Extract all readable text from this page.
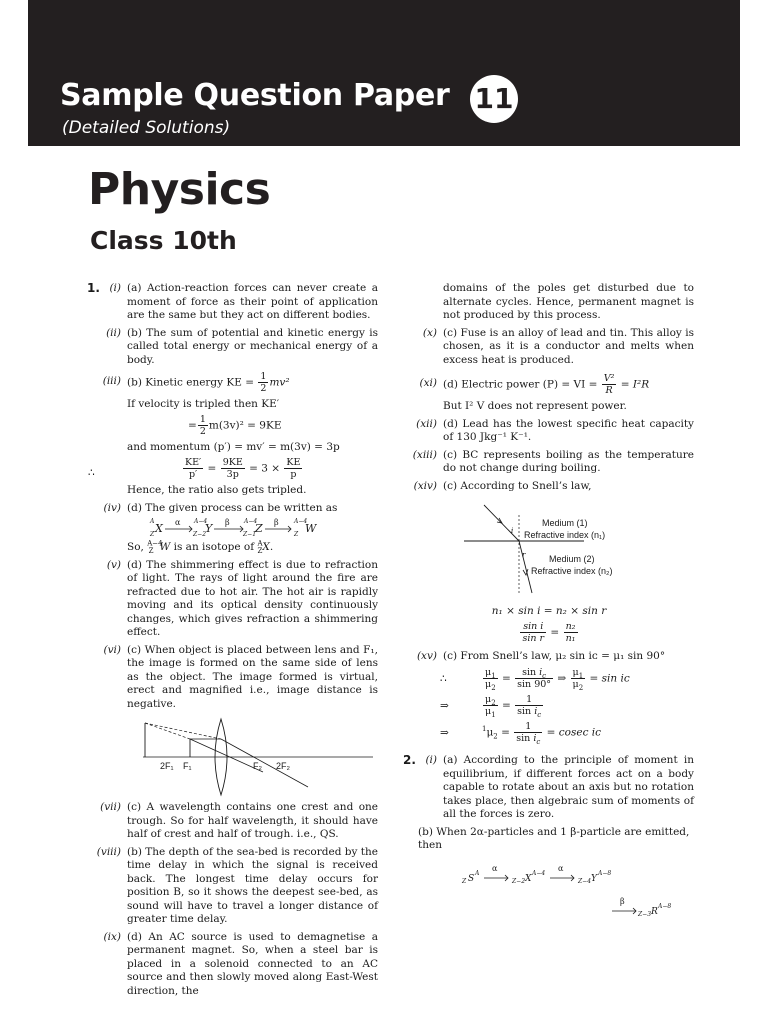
Sample Question Paper 11
(Detailed Solutions)
Physics
Class 10th
1. (i) (a) Action-reaction forces can never create a moment of force as their point of application are the same but they act on different bodies.
(ii) (b) The sum of potential and kinetic energy is called total energy or mechanical energy of a body.
(iii) (b) Kinetic energy KE = $\frac{1}{2} mv^2$
If velocity is tripled then KE′
= $\frac{1}{2} m(3v)^2 = 9KE$
and momentum (p′) = mv′ = m(3v) = 3p
∴	$\frac{KE'}{p'} = \frac{9KE}{3p} = 3 \times \frac{KE}{p}$
Hence, the ratio also gets tripled.
(iv) (d) The given process can be written as
A
Z X α A−4
Z−2
Y β A−4
Z−1
Z β	A−4
Z W
So, $^{A-4}_Z$ W is an isotope of $^A_Z$X.
(v) (d) The shimmering effect is due to refraction of light. The rays of light around the fire are refracted due to hot air. The hot air is rapidly moving and its optical density continuously changes, which gives refraction a shimmering effect.
(vi) (c) When object is placed between lens and F₁, the image is formed on the same side of lens as the object. The image formed is virtual, erect and magnified i.e., image distance is negative.
2F₁ F₁	F₂ 2F₂
(vii) (c) A wavelength contains one crest and one trough. So for half wavelength, it should have half of crest and half of trough. i.e., QS.
(viii) (b) The depth of the sea-bed is recorded by the time delay in which the signal is received back. The longest time delay occurs for position B, so it shows the deepest see-bed, as sound will have to travel a longer distance of greater time delay.
(ix) (d) An AC source is used to demagnetise a permanent magnet. So, when a steel bar is placed in a solenoid connected to an AC source and then slowly moved along East-West direction, the
domains of the poles get disturbed due to alternate cycles. Hence, permanent magnet is not produced by this process.
(x) (c) Fuse is an alloy of lead and tin. This alloy is chosen, as it is a conductor and melts when excess heat is produced.
(xi) (d) Electric power (P) = VI = $\frac{\text{V²}}{R} = I^2R$
But I² V does not represent power.
(xii) (d) Lead has the lowest specific heat capacity of 130 Jkg⁻¹ K⁻¹.
(xiii) (c) BC represents boiling as the temperature do not change during boiling.
(xiv) (c) According to Snell’s law,
i
r
Medium (1)
Refractive index (n₁)
Medium (2)
Refractive index (n₂)
n₁ × sin i = n₂ × sin r
$\frac{\text{sin i}}{\text{sin r}} = \frac{\text{n₂}}{\text{n₁}}$
(xv) (c) From Snell’s law, μ₂ sin iᴄ = μ₁ sin 90°
∴	$\frac{\mu_1}{\mu_2} = \frac{\sin i_c}{\sin 90^\circ}$ ⇒ $\frac{\mu_1}{\mu_2} = \sin$ iᴄ
⇒	$\frac{\mu_2}{\mu_1} = \frac{1}{\sin i_c}$
⇒	$^1\mu_2 = \frac{1}{\sin i_c} = cosec$ iᴄ
2. (i) (a) According to the principle of moment in equilibrium, if different forces act on a body capable to rotate about an axis but no rotation takes place, then algebraic sum of moments of all the forces is zero.
(b) When 2α-particles and 1 β-particle are emitted, then
Z S
A
α
Z−2 X
A−4
α
Z−4 Y
A−8
β
Z−3 R
A−8
